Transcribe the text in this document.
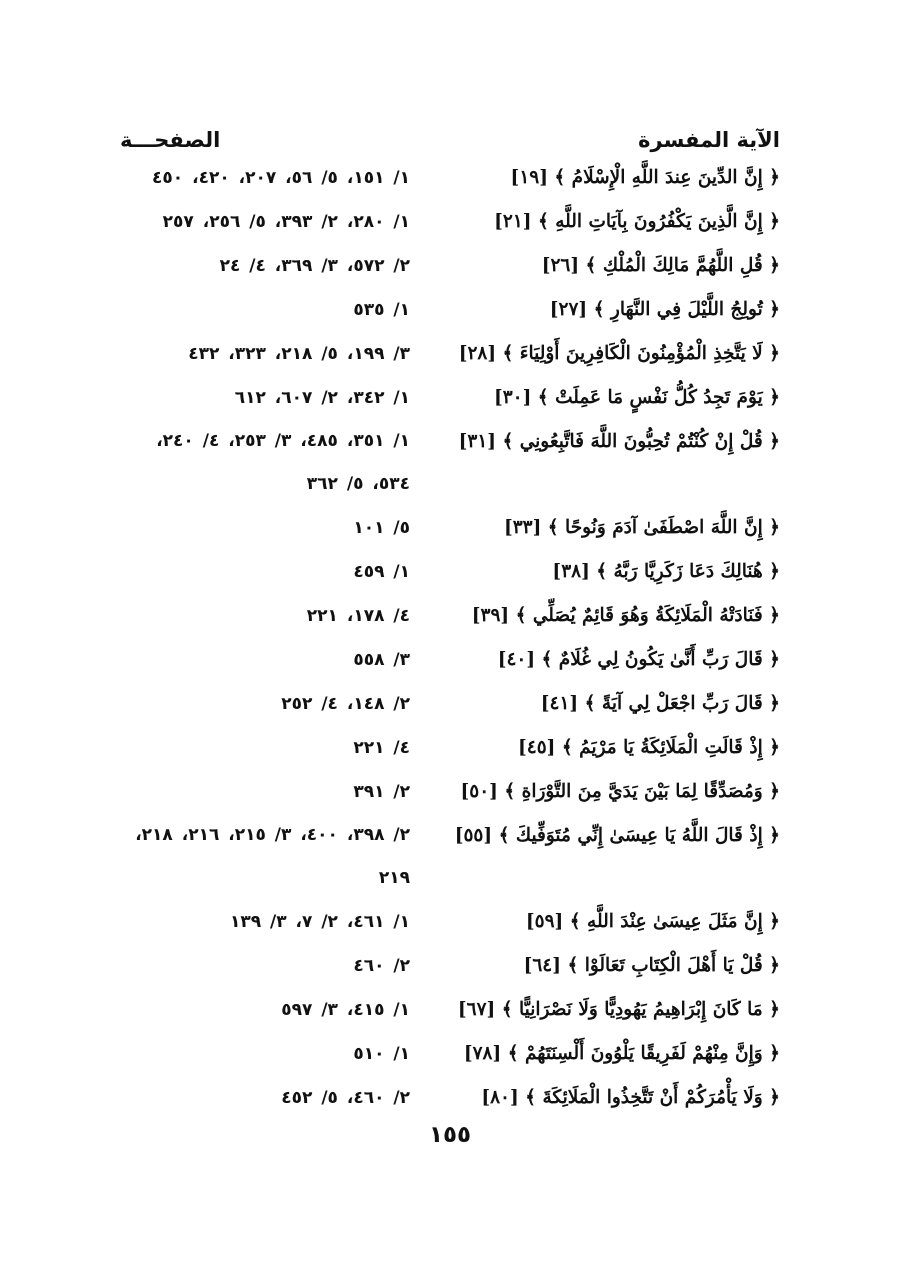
الآية المفسرة
الصفحـــة
﴿ إِنَّ الدِّينَ عِندَ اللَّهِ الْإِسْلَامُ ﴾ [١٩]
١/ ١٥١، ٥/ ٥٦، ٢٠٧، ٤٢٠، ٤٥٠
﴿ إِنَّ الَّذِينَ يَكْفُرُونَ بِآيَاتِ اللَّهِ ﴾ [٢١]
١/ ٢٨٠، ٢/ ٣٩٣، ٥/ ٢٥٦، ٢٥٧
﴿ قُلِ اللَّهُمَّ مَالِكَ الْمُلْكِ ﴾ [٢٦]
٢/ ٥٧٢، ٣/ ٣٦٩، ٤/ ٢٤
﴿ تُولِجُ اللَّيْلَ فِي النَّهَارِ ﴾ [٢٧]
١/ ٥٣٥
﴿ لَا يَتَّخِذِ الْمُؤْمِنُونَ الْكَافِرِينَ أَوْلِيَاءَ ﴾ [٢٨]
٣/ ١٩٩، ٥/ ٢١٨، ٣٢٣، ٤٣٢
﴿ يَوْمَ تَجِدُ كُلُّ نَفْسٍ مَا عَمِلَتْ ﴾ [٣٠]
١/ ٣٤٢، ٢/ ٦٠٧، ٦١٢
﴿ قُلْ إِنْ كُنْتُمْ تُحِبُّونَ اللَّهَ فَاتَّبِعُونِي ﴾ [٣١]
١/ ٣٥١، ٤٨٥، ٣/ ٢٥٣، ٤/ ٢٤٠، ٥٣٤، ٥/ ٣٦٢
﴿ إِنَّ اللَّهَ اصْطَفَىٰ آدَمَ وَنُوحًا ﴾ [٣٣]
٥/ ١٠١
﴿ هُنَالِكَ دَعَا زَكَرِيَّا رَبَّهُ ﴾ [٣٨]
١/ ٤٥٩
﴿ فَنَادَتْهُ الْمَلَائِكَةُ وَهُوَ قَائِمٌ يُصَلِّي ﴾ [٣٩]
٤/ ١٧٨، ٢٢١
﴿ قَالَ رَبِّ أَنَّىٰ يَكُونُ لِي غُلَامٌ ﴾ [٤٠]
٣/ ٥٥٨
﴿ قَالَ رَبِّ اجْعَلْ لِي آيَةً ﴾ [٤١]
٢/ ١٤٨، ٤/ ٢٥٢
﴿ إِذْ قَالَتِ الْمَلَائِكَةُ يَا مَرْيَمُ ﴾ [٤٥]
٤/ ٢٢١
﴿ وَمُصَدِّقًا لِمَا بَيْنَ يَدَيَّ مِنَ التَّوْرَاةِ ﴾ [٥٠]
٢/ ٣٩١
﴿ إِذْ قَالَ اللَّهُ يَا عِيسَىٰ إِنِّي مُتَوَفِّيكَ ﴾ [٥٥]
٢/ ٣٩٨، ٤٠٠، ٣/ ٢١٥، ٢١٦، ٢١٨، ٢١٩
﴿ إِنَّ مَثَلَ عِيسَىٰ عِنْدَ اللَّهِ ﴾ [٥٩]
١/ ٤٦١، ٢/ ٧، ٣/ ١٣٩
﴿ قُلْ يَا أَهْلَ الْكِتَابِ تَعَالَوْا ﴾ [٦٤]
٢/ ٤٦٠
﴿ مَا كَانَ إِبْرَاهِيمُ يَهُودِيًّا وَلَا نَصْرَانِيًّا ﴾ [٦٧]
١/ ٤١٥، ٣/ ٥٩٧
﴿ وَإِنَّ مِنْهُمْ لَفَرِيقًا يَلْوُونَ أَلْسِنَتَهُمْ ﴾ [٧٨]
١/ ٥١٠
﴿ وَلَا يَأْمُرَكُمْ أَنْ تَتَّخِذُوا الْمَلَائِكَةَ ﴾ [٨٠]
٢/ ٤٦٠، ٥/ ٤٥٢
١٥٥
